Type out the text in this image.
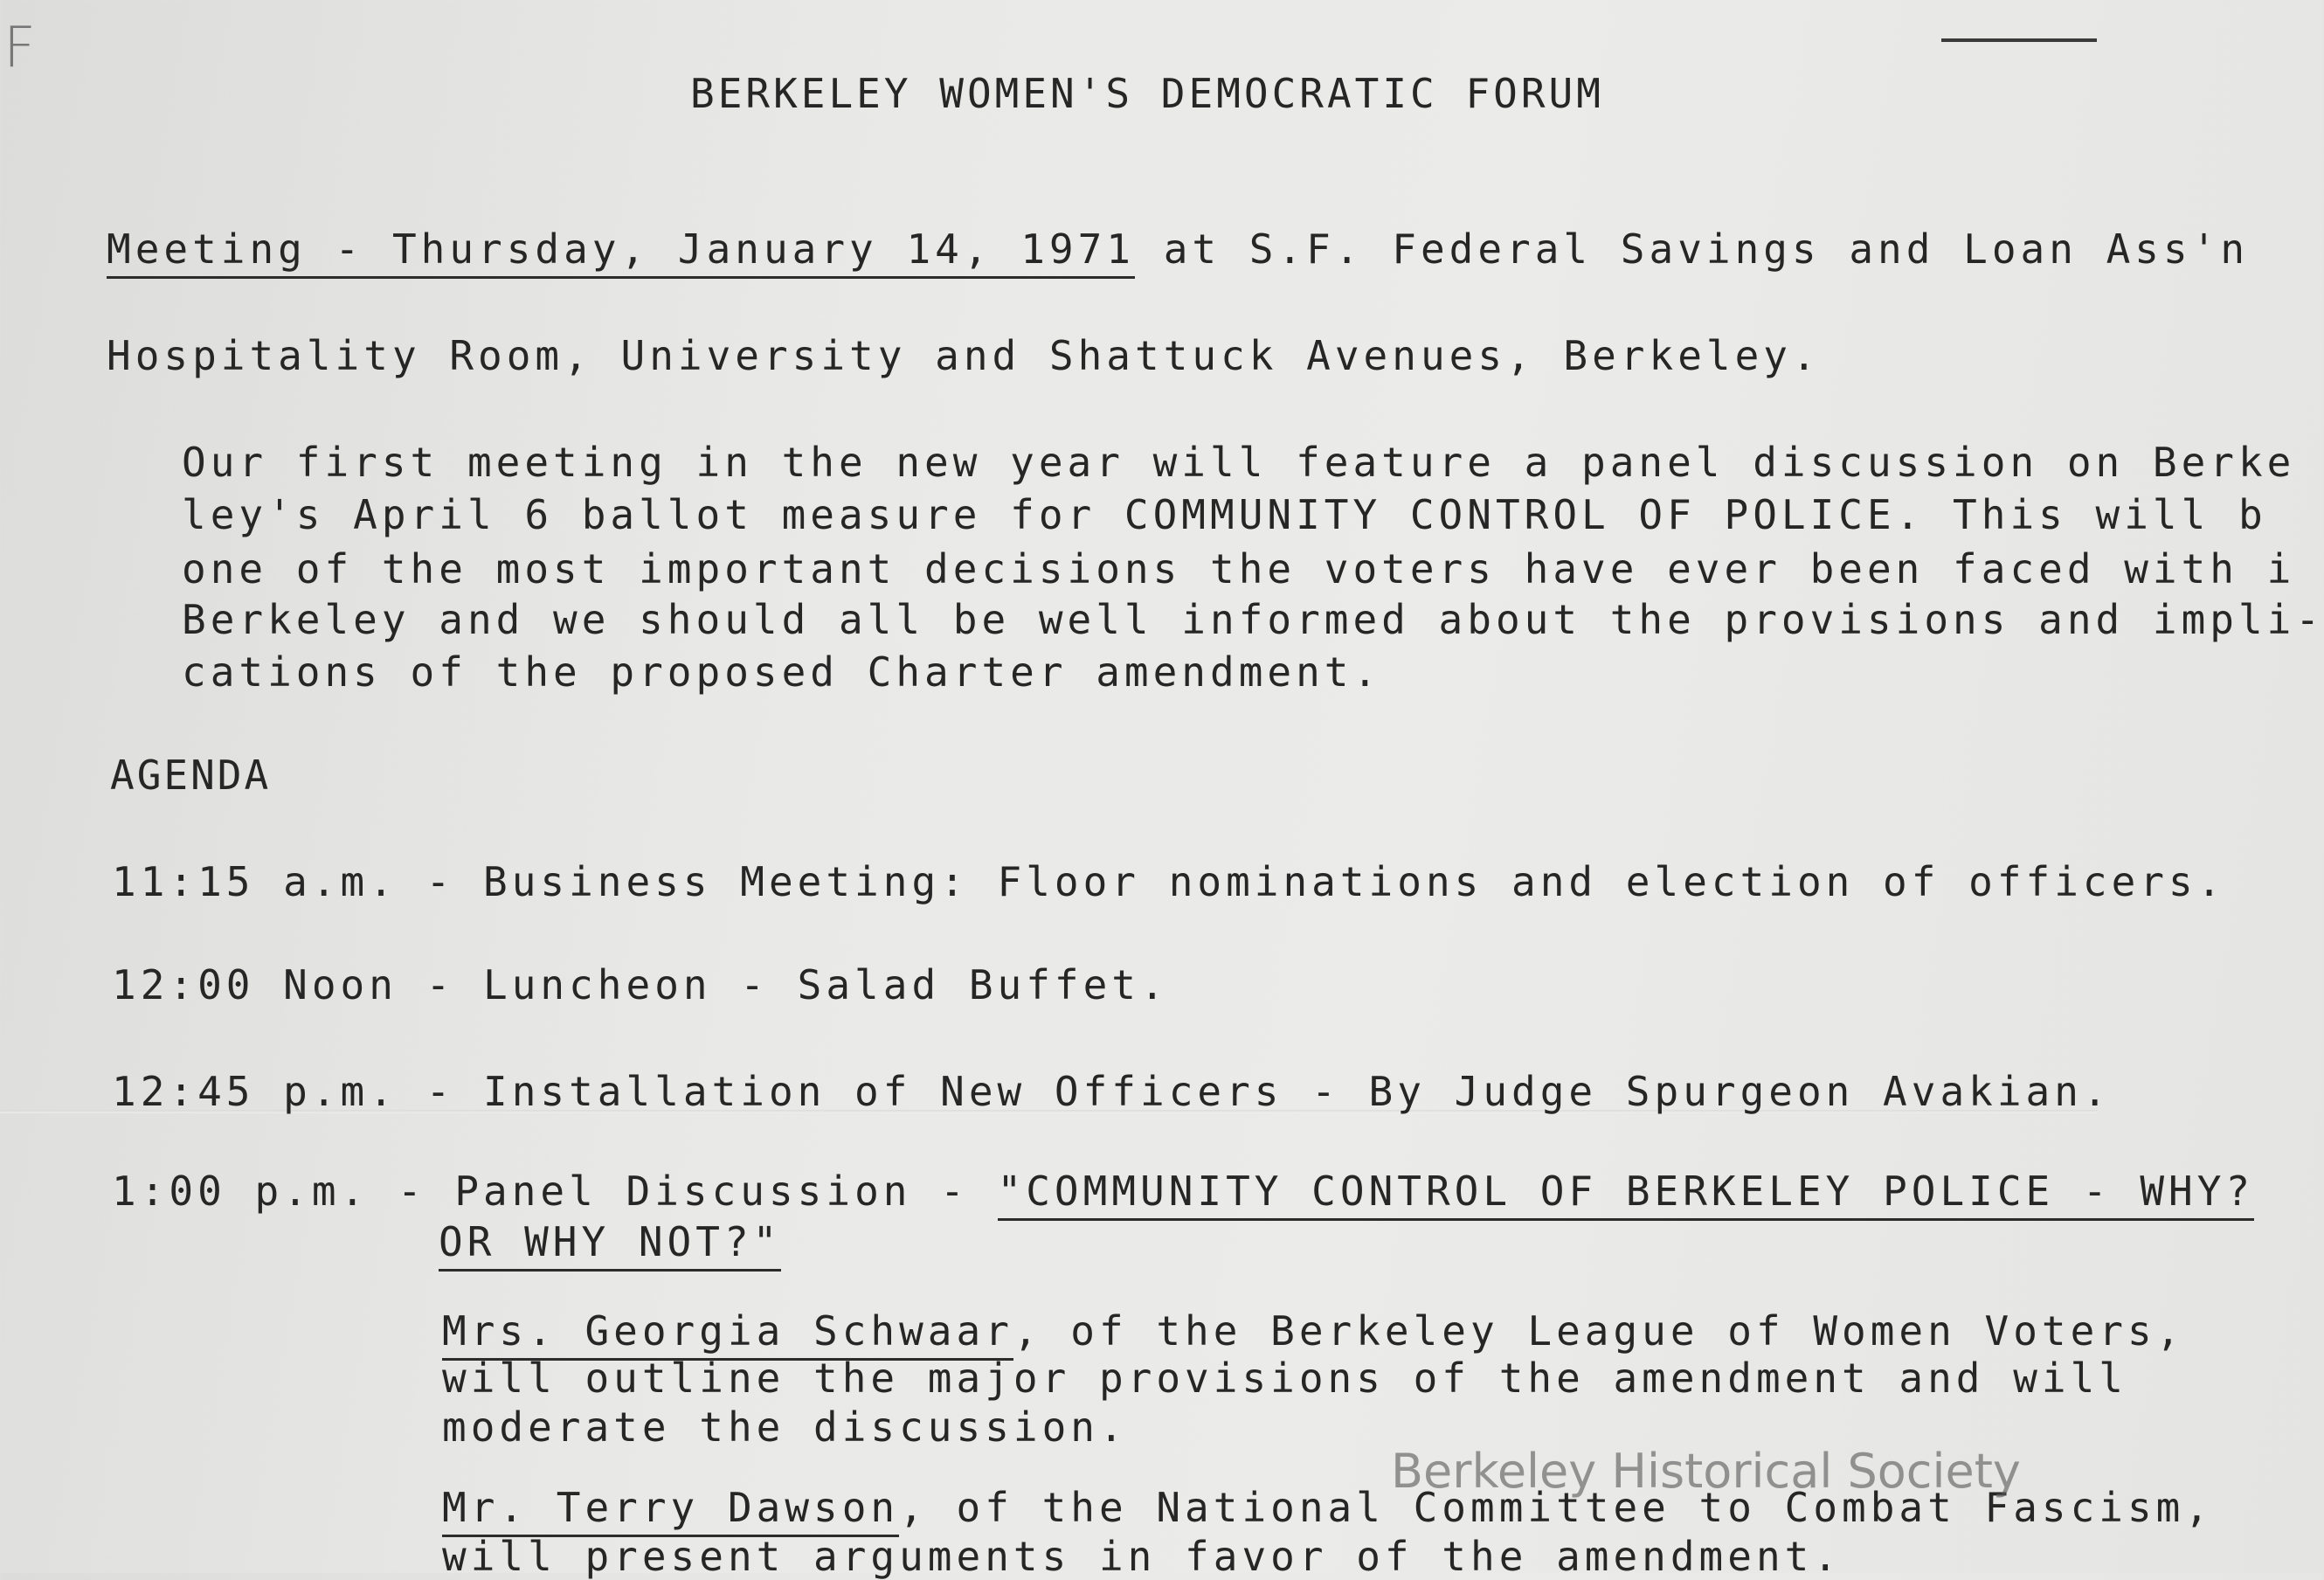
F
BERKELEY WOMEN'S DEMOCRATIC FORUM
Meeting - Thursday, January 14, 1971 at S.F. Federal Savings and Loan Ass'n
Hospitality Room, University and Shattuck Avenues, Berkeley.
Our first meeting in the new year will feature a panel discussion on Berke
ley's April 6 ballot measure for COMMUNITY CONTROL OF POLICE. This will b
one of the most important decisions the voters have ever been faced with i
Berkeley and we should all be well informed about the provisions and impli-
cations of the proposed Charter amendment.
AGENDA
11:15 a.m. - Business Meeting: Floor nominations and election of officers.
12:00 Noon - Luncheon - Salad Buffet.
12:45 p.m. - Installation of New Officers - By Judge Spurgeon Avakian.
1:00 p.m. - Panel Discussion - "COMMUNITY CONTROL OF BERKELEY POLICE - WHY?
OR WHY NOT?"
Mrs. Georgia Schwaar, of the Berkeley League of Women Voters,
will outline the major provisions of the amendment and will
moderate the discussion.
Mr. Terry Dawson, of the National Committee to Combat Fascism,
will present arguments in favor of the amendment.
Berkeley Historical Society
